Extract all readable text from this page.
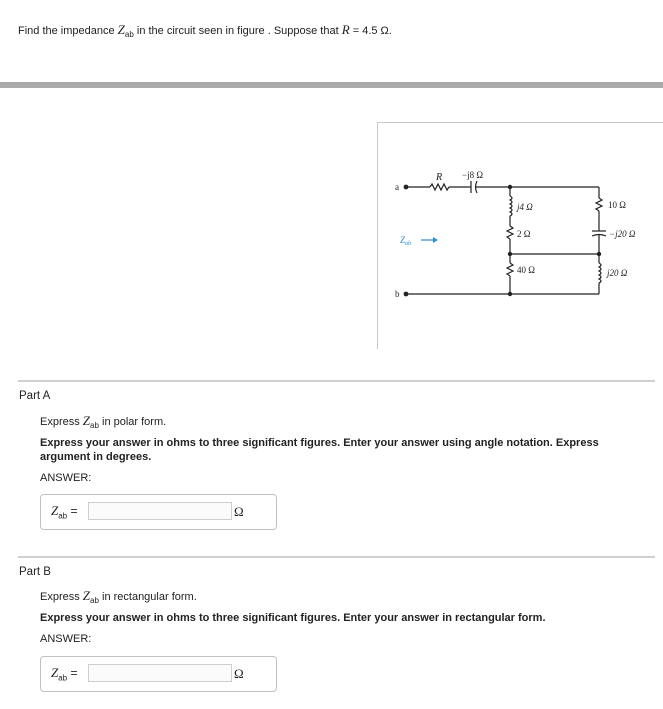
Find the impedance $Z_{ab}$ in the circuit seen in figure . Suppose that R = 4.5 Ω.
a
b
R −j8 Ω
j4 Ω
2 Ω
40 Ω
10 Ω
−j20 Ω
j20 Ω
$Z_{ab}$
Part A
Express $Z_{ab}$ in polar form.
Express your answer in ohms to three significant figures. Enter your answer using angle notation. Express argument in degrees.
ANSWER:
$Z_{ab}$ =	Ω
Part B
Express $Z_{ab}$ in rectangular form.
Express your answer in ohms to three significant figures. Enter your answer in rectangular form.
ANSWER:
$Z_{ab}$ =	Ω
